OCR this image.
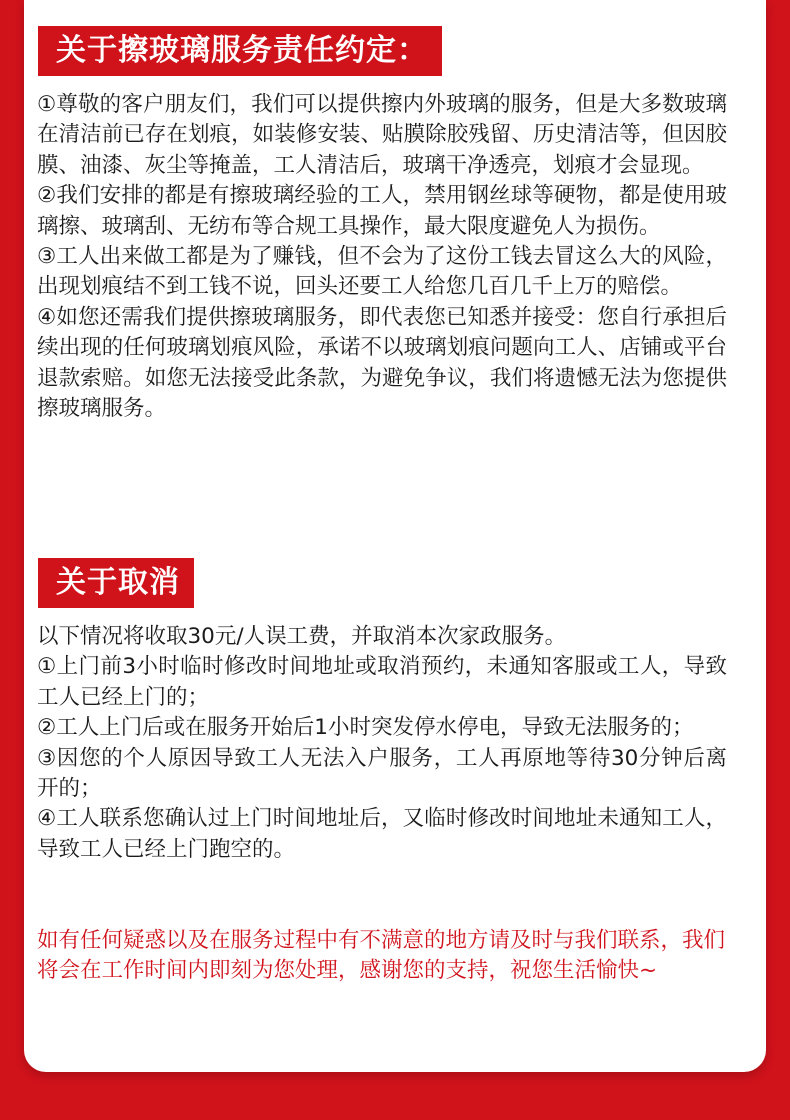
关于擦玻璃服务责任约定：

①尊敬的客户朋友们，我们可以提供擦内外玻璃的服务，但是大多数玻璃在清洁前已存在划痕，如装修安装、贴膜除胶残留、历史清洁等，但因胶膜、油漆、灰尘等掩盖，工人清洁后，玻璃干净透亮，划痕才会显现。

②我们安排的都是有擦玻璃经验的工人，禁用钢丝球等硬物，都是使用玻璃擦、玻璃刮、无纺布等合规工具操作，最大限度避免人为损伤。

③工人出来做工都是为了赚钱，但不会为了这份工钱去冒这么大的风险，出现划痕结不到工钱不说，回头还要工人给您几百几千上万的赔偿。

④如您还需我们提供擦玻璃服务，即代表您已知悉并接受：您自行承担后续出现的任何玻璃划痕风险，承诺不以玻璃划痕问题向工人、店铺或平台退款索赔。如您无法接受此条款，为避免争议，我们将遗憾无法为您提供擦玻璃服务。

关于取消

以下情况将收取30元/人误工费，并取消本次家政服务。

①上门前3小时临时修改时间地址或取消预约，未通知客服或工人，导致工人已经上门的；

②工人上门后或在服务开始后1小时突发停水停电，导致无法服务的；

③因您的个人原因导致工人无法入户服务，工人再原地等待30分钟后离开的；

④工人联系您确认过上门时间地址后，又临时修改时间地址未通知工人，导致工人已经上门跑空的。

如有任何疑惑以及在服务过程中有不满意的地方请及时与我们联系，我们将会在工作时间内即刻为您处理，感谢您的支持，祝您生活愉快~
